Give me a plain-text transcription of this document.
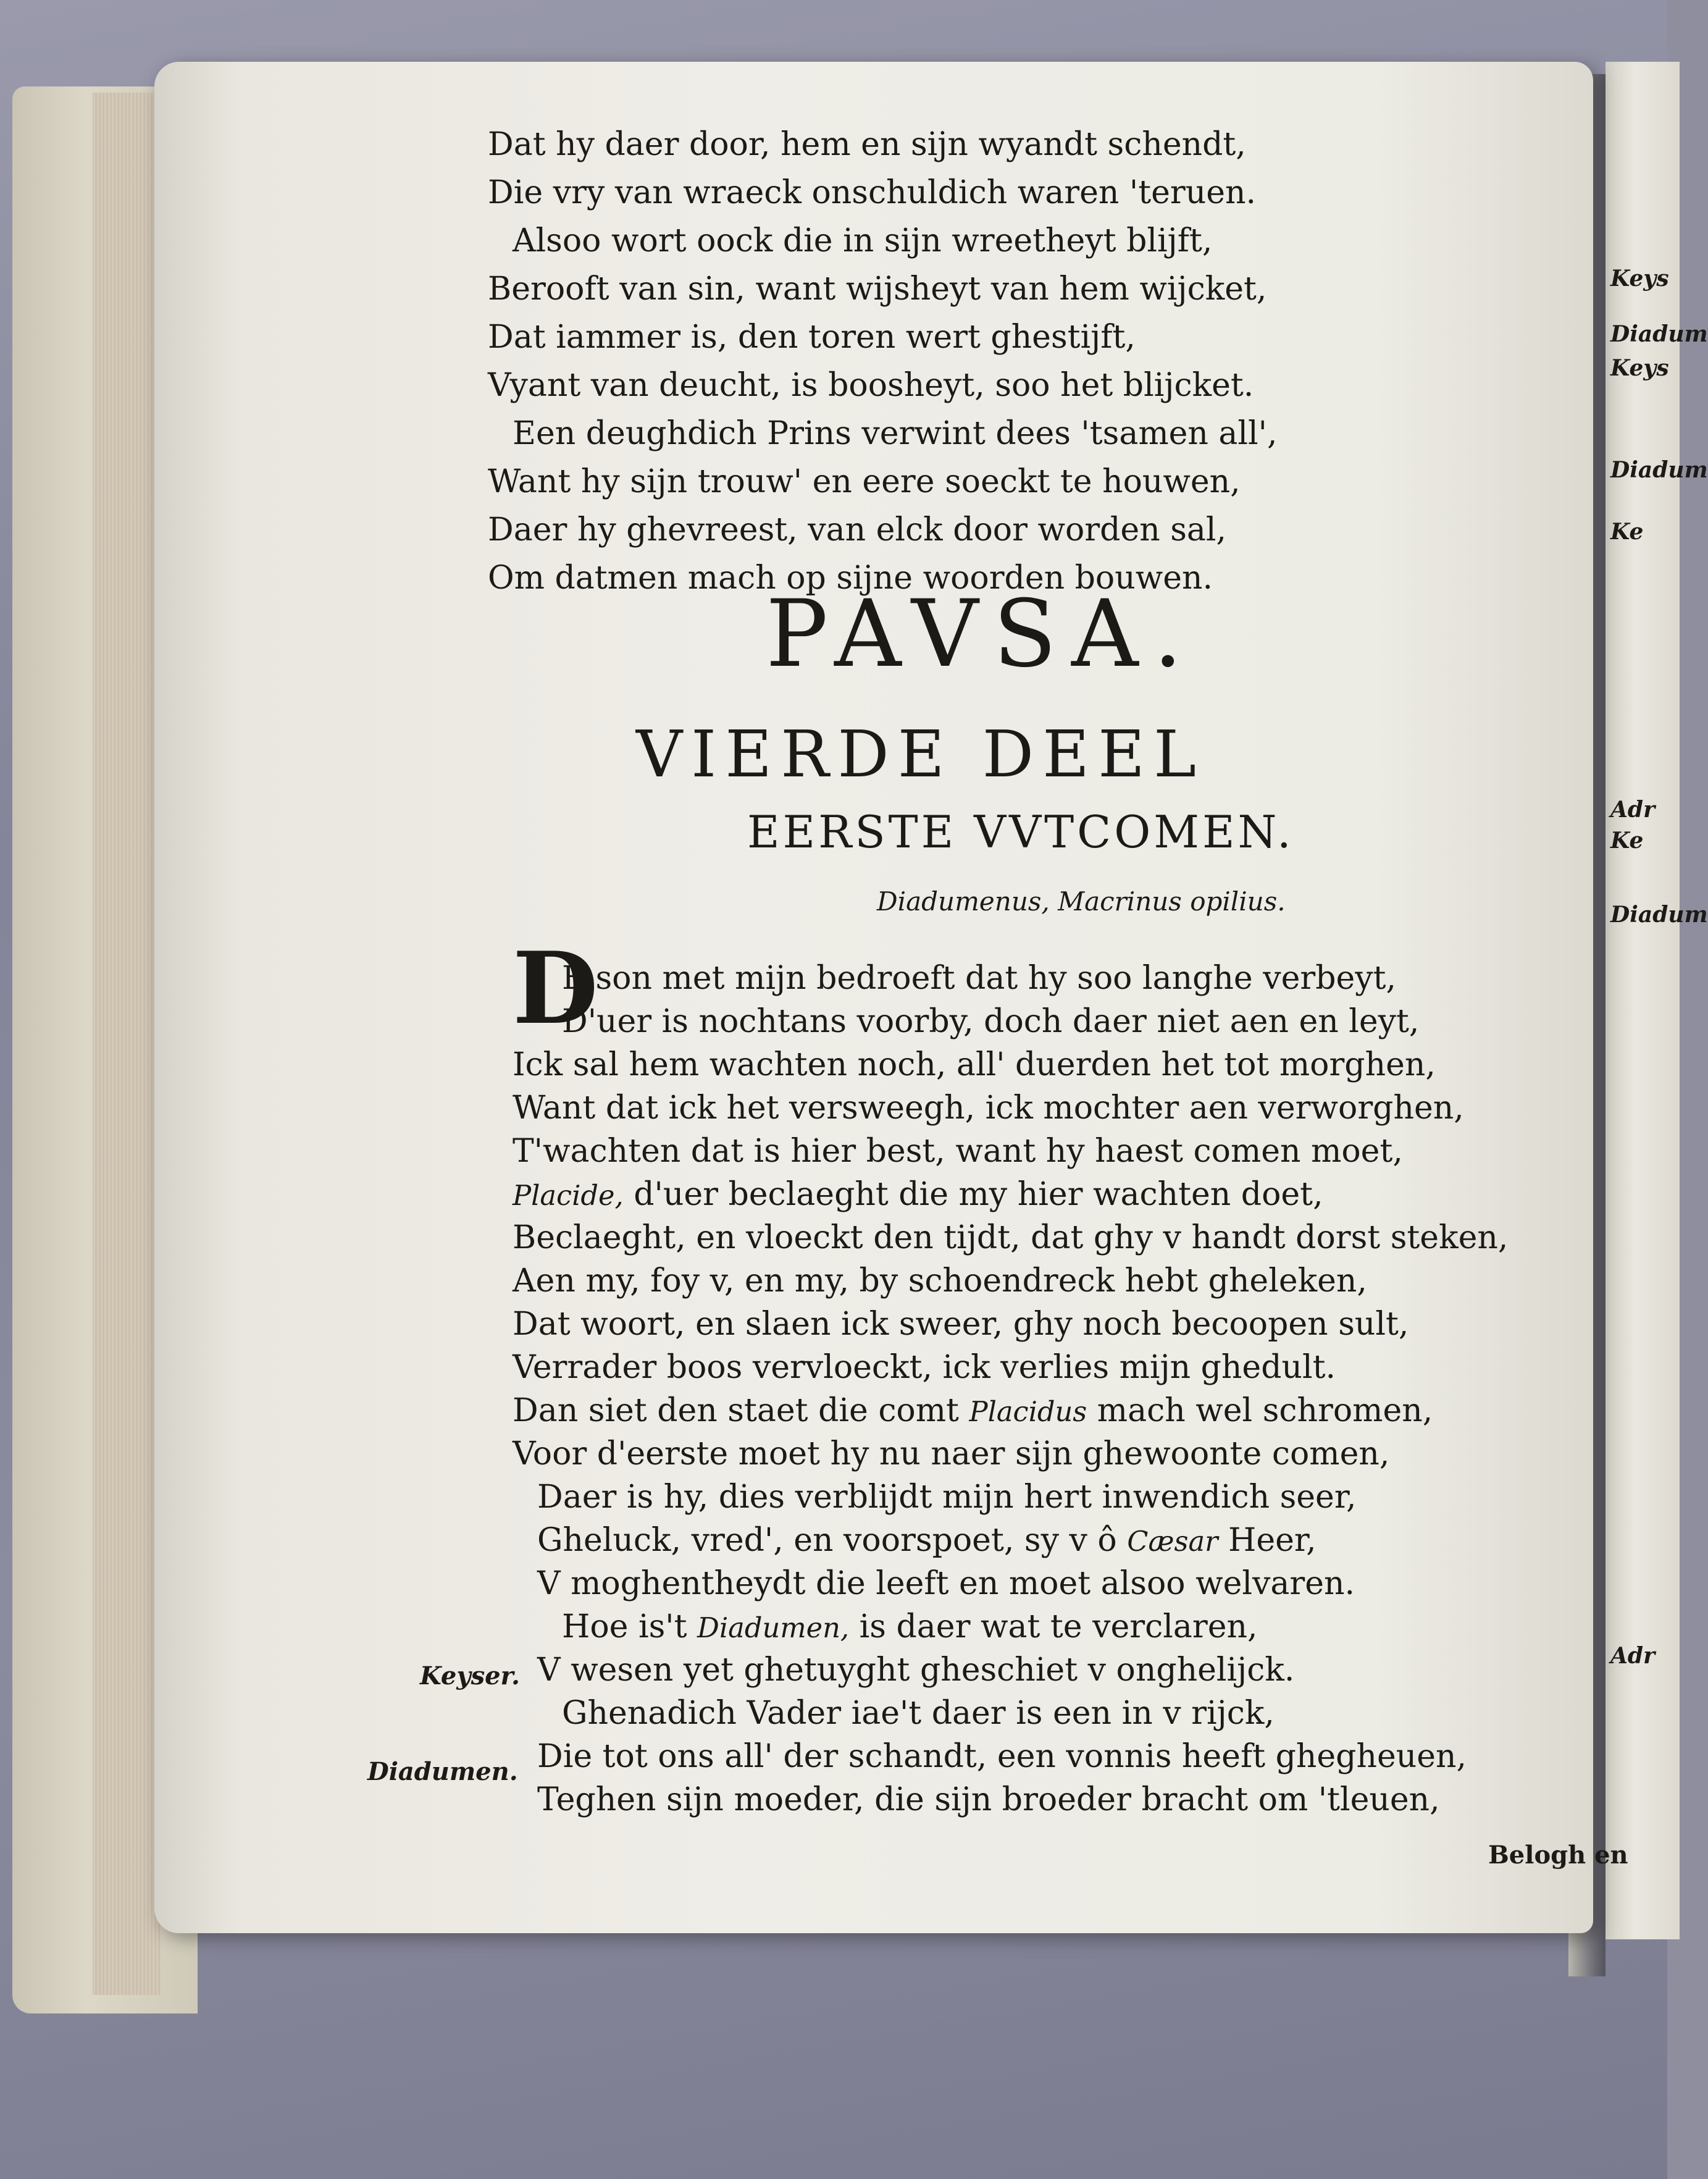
Dat hy daer door, hem en sijn wyandt schendt,
Die vry van wraeck onschuldich waren 'teruen.
Alsoo wort oock die in sijn wreetheyt blijft,
Berooft van sin, want wijsheyt van hem wijcket,
Dat iammer is, den toren wert ghestijft,
Vyant van deucht, is boosheyt, soo het blijcket.
Een deughdich Prins verwint dees 'tsamen all',
Want hy sijn trouw' en eere soeckt te houwen,
Daer hy ghevreest, van elck door worden sal,
Om datmen mach op sijne woorden bouwen.
PAVSA.
VIERDE DEEL
EERSTE VVTCOMEN.
Diadumenus, Macrinus opilius.
D
E son met mijn bedroeft dat hy soo langhe verbeyt,
D'uer is nochtans voorby, doch daer niet aen en leyt,
Ick sal hem wachten noch, all' duerden het tot morghen,
Want dat ick het versweegh, ick mochter aen verworghen,
T'wachten dat is hier best, want hy haest comen moet,
Placide, d'uer beclaeght die my hier wachten doet,
Beclaeght, en vloeckt den tijdt, dat ghy v handt dorst steken,
Aen my, foy v, en my, by schoendreck hebt gheleken,
Dat woort, en slaen ick sweer, ghy noch becoopen sult,
Verrader boos vervloeckt, ick verlies mijn ghedult.
Dan siet den staet die comt Placidus mach wel schromen,
Voor d'eerste moet hy nu naer sijn ghewoonte comen,
Daer is hy, dies verblijdt mijn hert inwendich seer,
Gheluck, vred', en voorspoet, sy v ô Cæsar Heer,
V moghentheydt die leeft en moet alsoo welvaren.
Hoe is't Diadumen, is daer wat te verclaren,
V wesen yet ghetuyght gheschiet v onghelijck.
Ghenadich Vader iae't daer is een in v rijck,
Die tot ons all' der schandt, een vonnis heeft ghegheuen,
Teghen sijn moeder, die sijn broeder bracht om 'tleuen,
Keyser.
Diadumen.
Belogh en
Keys
Diadum
Keys
Diadum
Ke
Adr
Ke
Diadum
Adr
